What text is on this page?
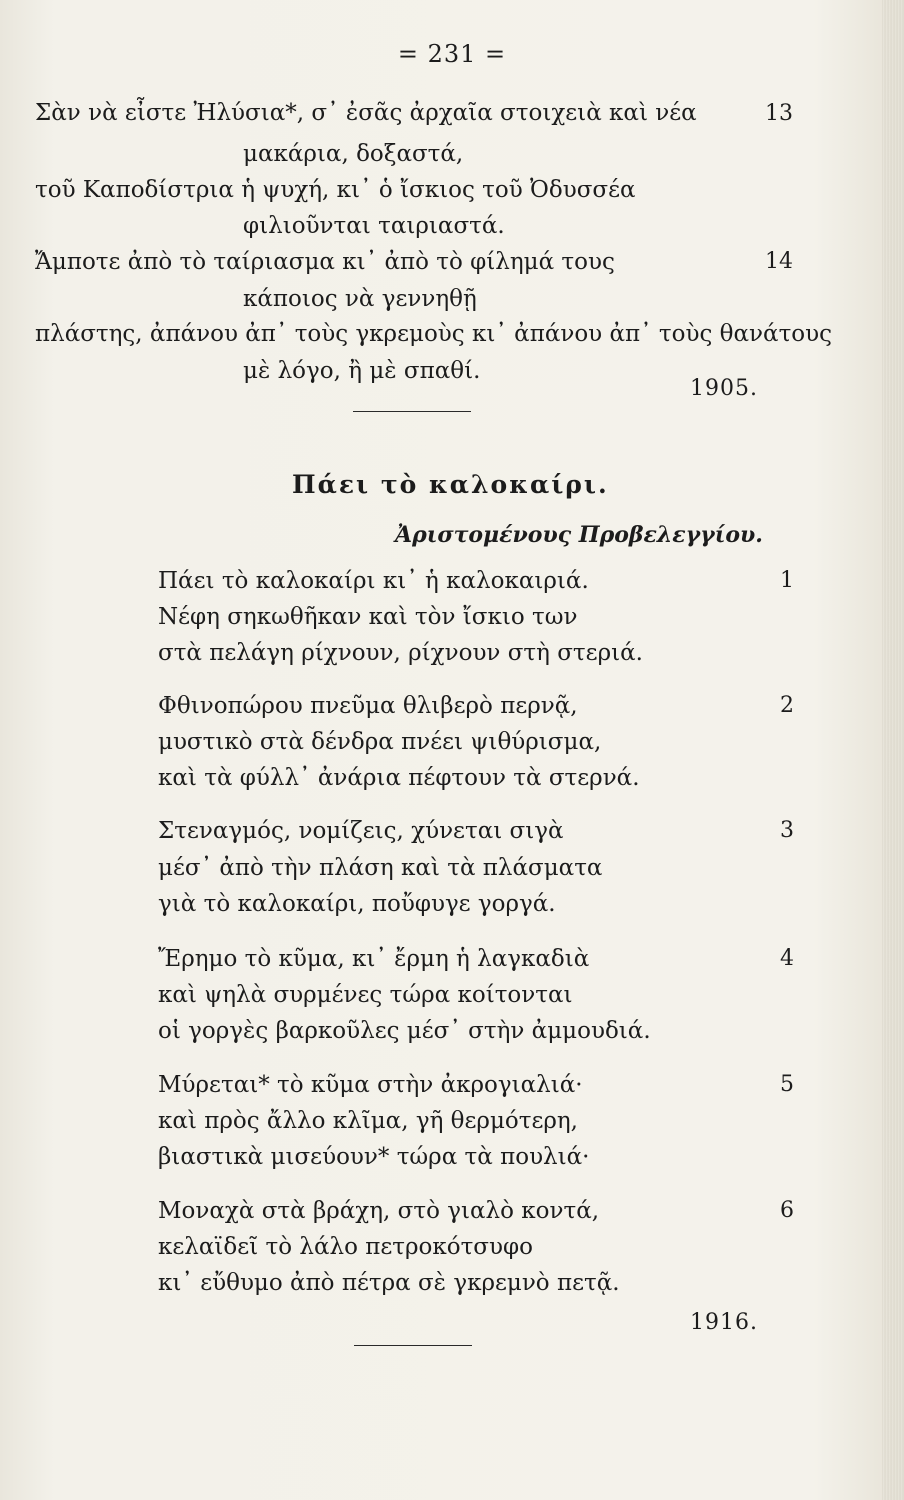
= 231 =
Σὰν νὰ εἶστε Ἠλύσια*, σ᾽ ἐσᾶς ἀρχαῖα στοιχειὰ καὶ νέα	13
μακάρια, δοξαστά,
τοῦ Καποδίστρια ἡ ψυχή, κι᾽ ὁ ἴσκιος τοῦ Ὀδυσσέα
φιλιοῦνται ταιριαστά.
Ἄμποτε ἀπὸ τὸ ταίριασμα κι᾽ ἀπὸ τὸ φίλημά τους	14
κάποιος νὰ γεννηθῇ
πλάστης, ἀπάνου ἀπ᾽ τοὺς γκρεμοὺς κι᾽ ἀπάνου ἀπ᾽ τοὺς θανάτους
μὲ λόγο, ἢ μὲ σπαθί.
1905.
Πάει τὸ καλοκαίρι.
Ἀριστομένους Προβελεγγίου.
Πάει τὸ καλοκαίρι κι᾽ ἡ καλοκαιριά.	1
Νέφη σηκωθῆκαν καὶ τὸν ἴσκιο των
στὰ πελάγη ρίχνουν, ρίχνουν στὴ στεριά.
Φθινοπώρου πνεῦμα θλιβερὸ περνᾷ,	2
μυστικὸ στὰ δένδρα πνέει ψιθύρισμα,
καὶ τὰ φύλλ᾽ ἀνάρια πέφτουν τὰ στερνά.
Στεναγμός, νομίζεις, χύνεται σιγὰ	3
μέσ᾽ ἀπὸ τὴν πλάση καὶ τὰ πλάσματα
γιὰ τὸ καλοκαίρι, ποὔφυγε γοργά.
Ἔρημο τὸ κῦμα, κι᾽ ἔρμη ἡ λαγκαδιὰ	4
καὶ ψηλὰ συρμένες τώρα κοίτονται
οἱ γοργὲς βαρκοῦλες μέσ᾽ στὴν ἀμμουδιά.
Μύρεται* τὸ κῦμα στὴν ἀκρογιαλιά·	5
καὶ πρὸς ἄλλο κλῖμα, γῆ θερμότερη,
βιαστικὰ μισεύουν* τώρα τὰ πουλιά·
Μοναχὰ στὰ βράχη, στὸ γιαλὸ κοντά,	6
κελαϊδεῖ τὸ λάλο πετροκότσυφο
κι᾽ εὔθυμο ἀπὸ πέτρα σὲ γκρεμνὸ πετᾷ.
1916.
